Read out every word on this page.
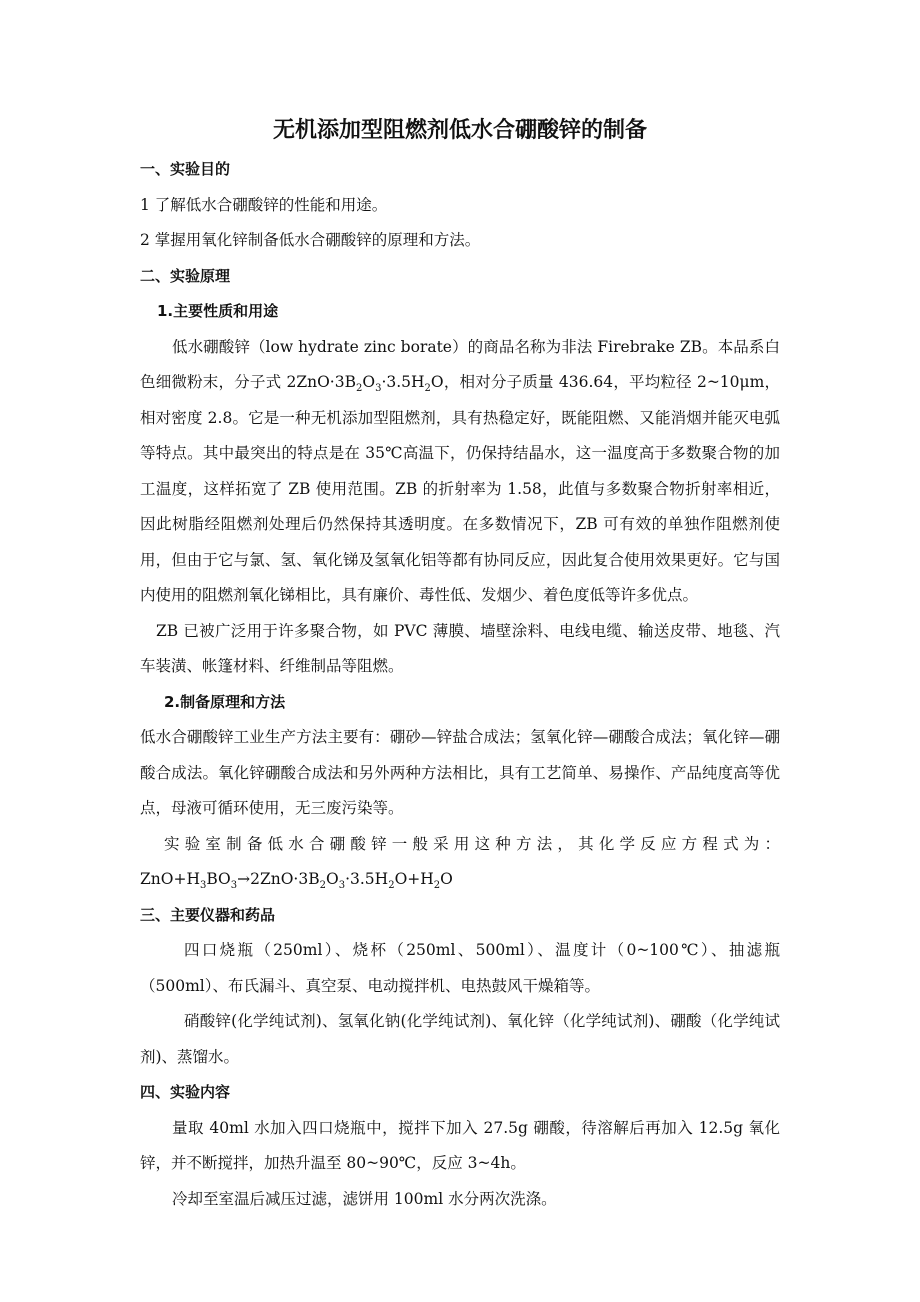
无机添加型阻燃剂低水合硼酸锌的制备

一、实验目的

1 了解低水合硼酸锌的性能和用途。

2 掌握用氧化锌制备低水合硼酸锌的原理和方法。

二、实验原理

1.主要性质和用途

低水硼酸锌（low hydrate zinc borate）的商品名称为非法 Firebrake ZB。本品系白色细微粉末，分子式 $2ZnO\cdot 3B_2O_3\cdot 3.5H_2O$，相对分子质量 436.64，平均粒径 2~10μm，相对密度 2.8。它是一种无机添加型阻燃剂，具有热稳定好，既能阻燃、又能消烟并能灭电弧等特点。其中最突出的特点是在 35℃高温下，仍保持结晶水，这一温度高于多数聚合物的加工温度，这样拓宽了 ZB 使用范围。ZB 的折射率为 1.58，此值与多数聚合物折射率相近，因此树脂经阻燃剂处理后仍然保持其透明度。在多数情况下，ZB 可有效的单独作阻燃剂使用，但由于它与氯、氢、氧化锑及氢氧化铝等都有协同反应，因此复合使用效果更好。它与国内使用的阻燃剂氧化锑相比，具有廉价、毒性低、发烟少、着色度低等许多优点。

ZB 已被广泛用于许多聚合物，如 PVC 薄膜、墙壁涂料、电线电缆、输送皮带、地毯、汽车装潢、帐篷材料、纤维制品等阻燃。

2.制备原理和方法

低水合硼酸锌工业生产方法主要有：硼砂—锌盐合成法；氢氧化锌—硼酸合成法；氧化锌—硼酸合成法。氧化锌硼酸合成法和另外两种方法相比，具有工艺简单、易操作、产品纯度高等优点，母液可循环使用，无三废污染等。

实验室制备低水合硼酸锌一般采用这种方法，其化学反应方程式为：

$ZnO+H_3BO_3\to 2ZnO\cdot 3B_2O_3\cdot 3.5H_2O+H_2O$

三、主要仪器和药品

四口烧瓶（250ml）、烧杯（250ml、500ml）、温度计（0~100℃）、抽滤瓶（500ml）、布氏漏斗、真空泵、电动搅拌机、电热鼓风干燥箱等。

硝酸锌(化学纯试剂)、氢氧化钠(化学纯试剂)、氧化锌（化学纯试剂)、硼酸（化学纯试剂)、蒸馏水。

四、实验内容

量取 40ml 水加入四口烧瓶中，搅拌下加入 27.5g 硼酸，待溶解后再加入 12.5g 氧化锌，并不断搅拌，加热升温至 80~90℃，反应 3~4h。

冷却至室温后减压过滤，滤饼用 100ml 水分两次洗涤。
